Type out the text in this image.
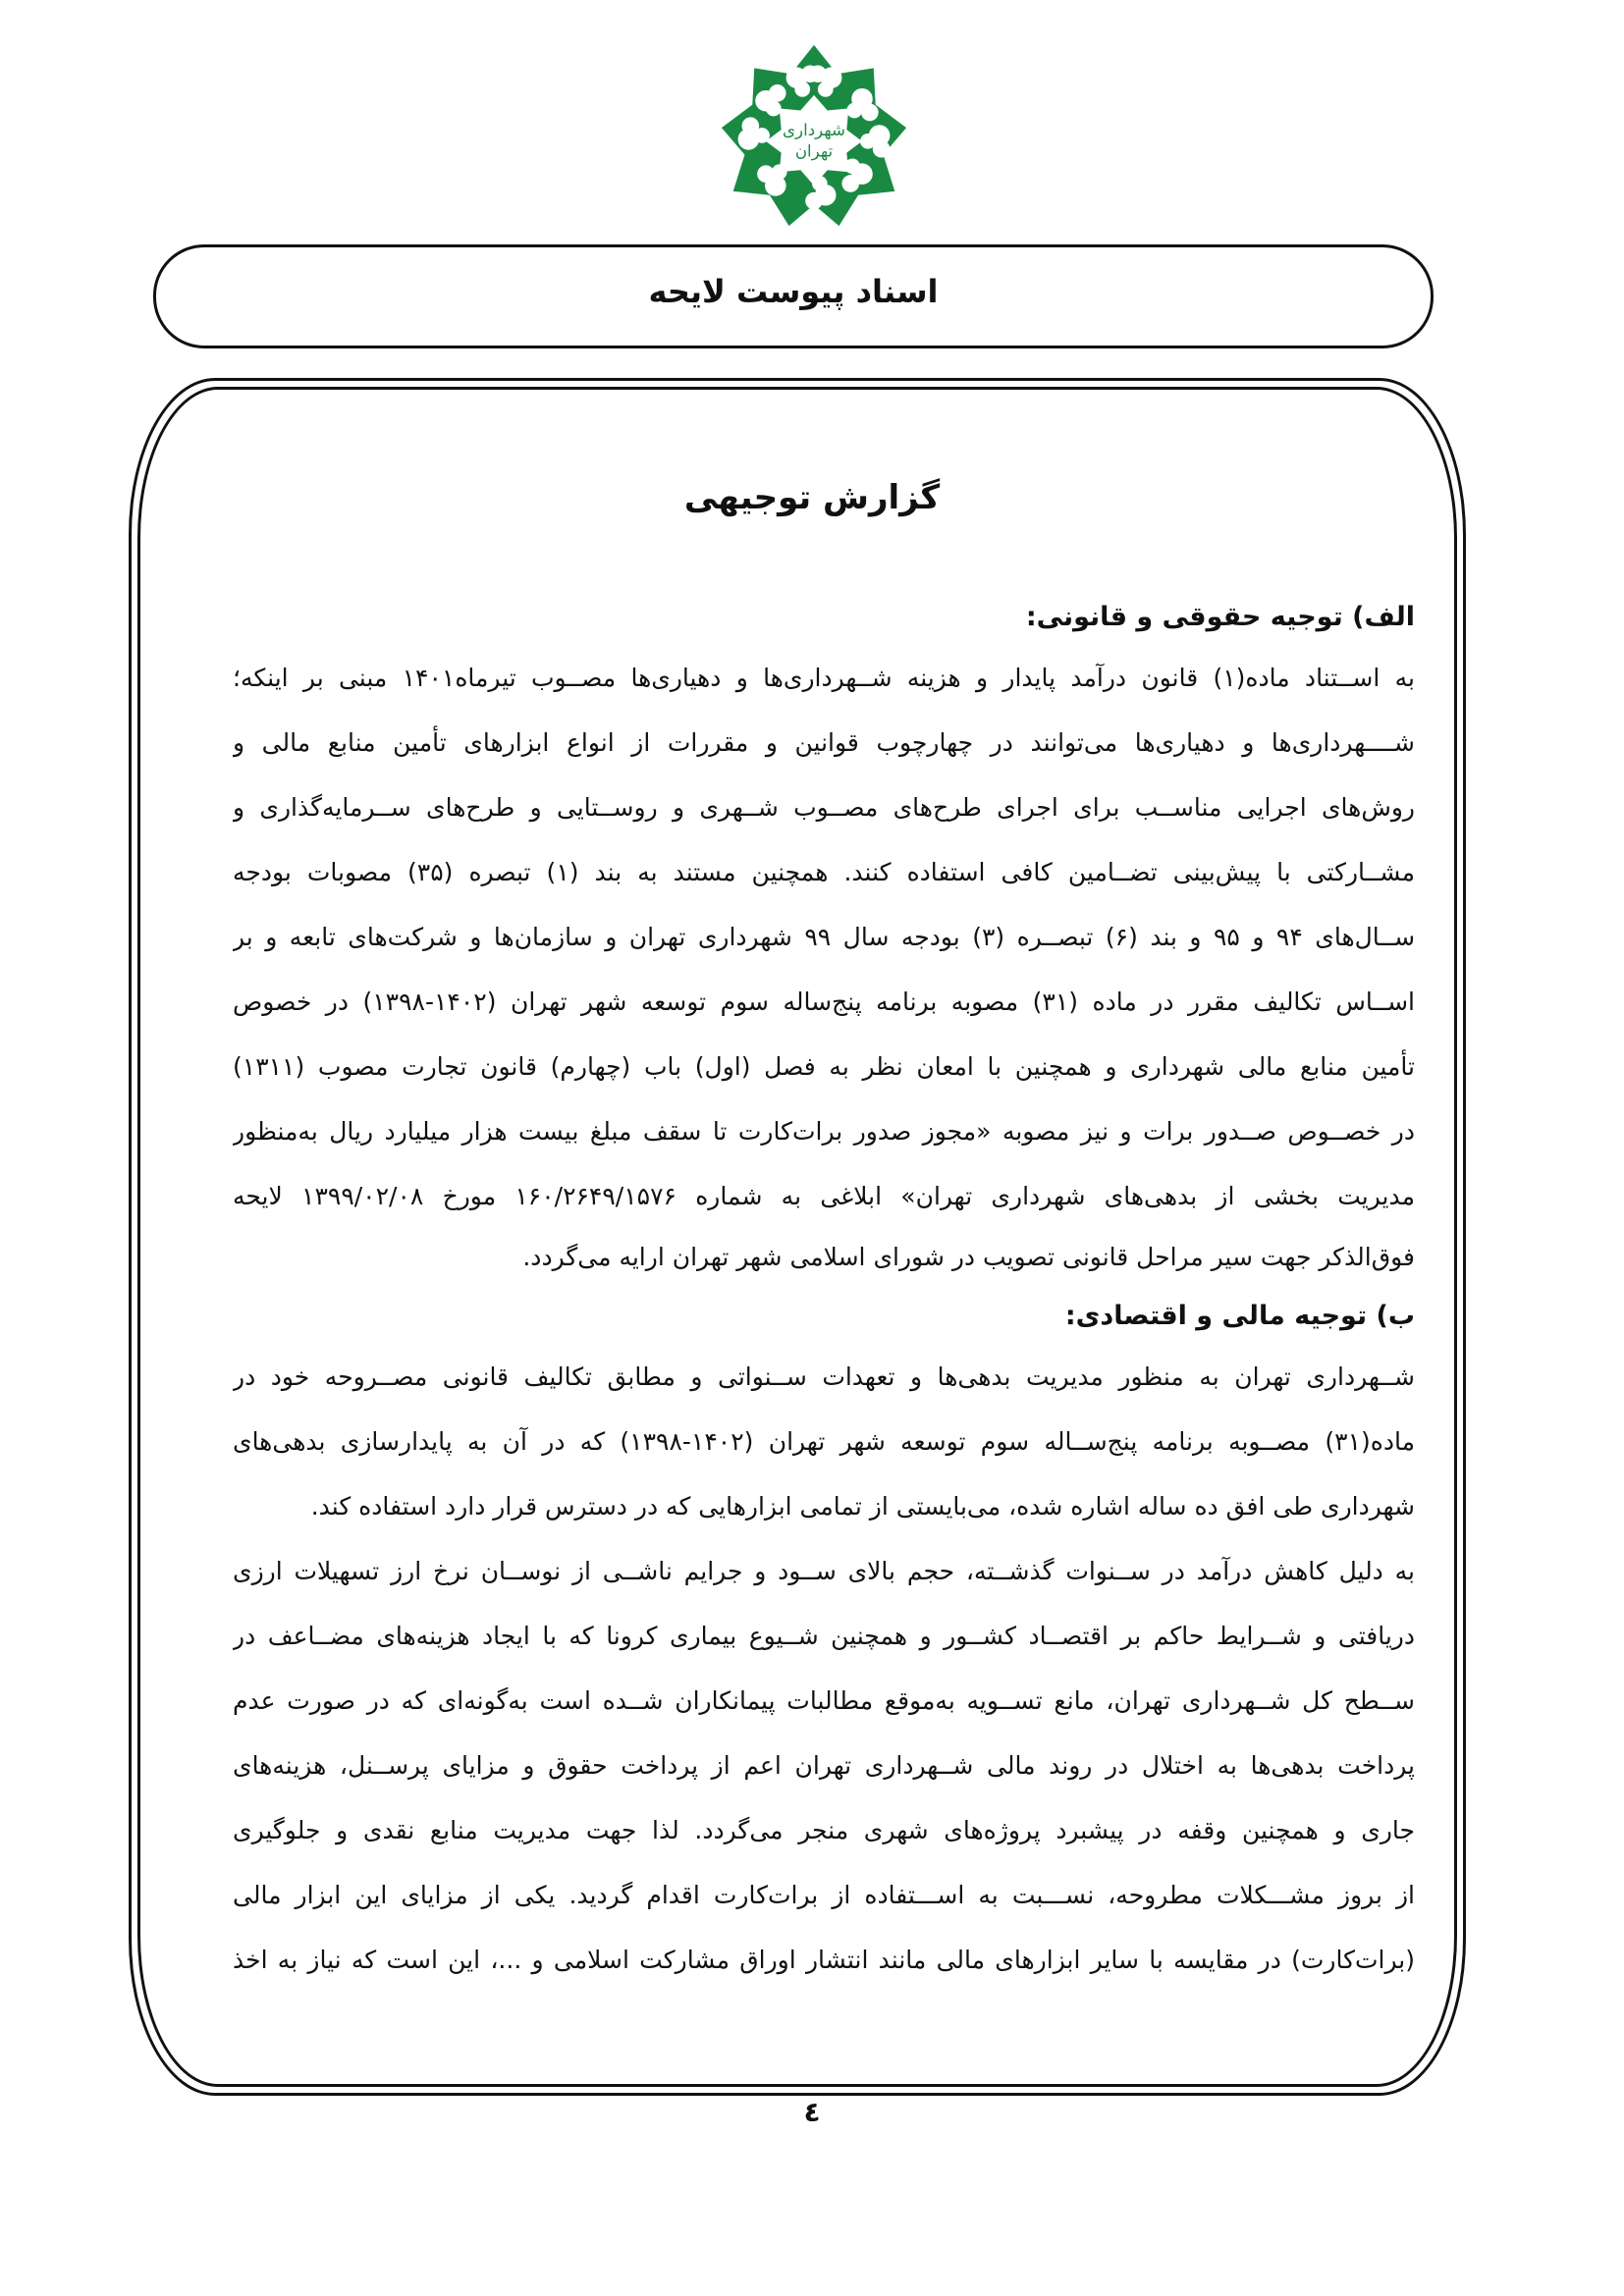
شهرداری
تهران
اسناد پیوست لایحه
گزارش توجیهی
الف) توجیه حقوقی و قانونی:
به اســتناد ماده(۱) قانون درآمد پایدار و هزینه شــهرداری‌ها و دهیاری‌ها مصــوب تیرماه۱۴۰۱ مبنی بر اینکه؛
شــــهرداری‌ها و دهیاری‌ها می‌توانند در چهارچوب قوانین و مقررات از انواع ابزارهای تأمین منابع مالی و
روش‌های اجرایی مناســب برای اجرای طرح‌های مصــوب شــهری و روســتایی و طرح‌های ســرمایه‌گذاری و
مشــارکتی با پیش‌بینی تضــامین کافی استفاده کنند. همچنین مستند به بند (۱) تبصره (۳۵) مصوبات بودجه
ســال‌های ۹۴ و ۹۵ و بند (۶) تبصــره (۳) بودجه سال ۹۹ شهرداری تهران و سازمان‌ها و شرکت‌های تابعه و بر
اســاس تکالیف مقرر در ماده (۳۱) مصوبه برنامه پنج‌ساله سوم توسعه شهر تهران (۱۴۰۲-۱۳۹۸) در خصوص
تأمین منابع مالی شهرداری و همچنین با امعان نظر به فصل (اول) باب (چهارم) قانون تجارت مصوب (۱۳۱۱)
در خصــوص صــدور برات و نیز مصوبه «مجوز صدور برات‌کارت تا سقف مبلغ بیست هزار میلیارد ریال به‌منظور
مدیریت بخشی از بدهی‌های شهرداری تهران» ابلاغی به شماره ۱۶۰/۲۶۴۹/۱۵۷۶ مورخ ۱۳۹۹/۰۲/۰۸ لایحه
فوق‌الذکر جهت سیر مراحل قانونی تصویب در شورای اسلامی شهر تهران ارایه می‌گردد.
ب) توجیه مالی و اقتصادی:
شــهرداری تهران به منظور مدیریت بدهی‌ها و تعهدات ســنواتی و مطابق تکالیف قانونی مصــروحه خود در
ماده(۳۱) مصــوبه برنامه پنج‌ســاله سوم توسعه شهر تهران (۱۴۰۲-۱۳۹۸) که در آن به پایدارسازی بدهی‌های
شهرداری طی افق ده ساله اشاره شده، می‌بایستی از تمامی ابزارهایی که در دسترس قرار دارد استفاده کند.
به دلیل کاهش درآمد در ســنوات گذشــته، حجم بالای ســود و جرایم ناشــی از نوســان نرخ ارز تسهیلات ارزی
دریافتی و شــرایط حاکم بر اقتصــاد کشــور و همچنین شــیوع بیماری کرونا که با ایجاد هزینه‌های مضــاعف در
ســطح کل شــهرداری تهران، مانع تســویه به‌موقع مطالبات پیمانکاران شــده است به‌گونه‌ای که در صورت عدم
پرداخت بدهی‌ها به اختلال در روند مالی شــهرداری تهران اعم از پرداخت حقوق و مزایای پرســنل، هزینه‌های
جاری و همچنین وقفه در پیشبرد پروژه‌های شهری منجر می‌گردد. لذا جهت مدیریت منابع نقدی و جلوگیری
از بروز مشـــکلات مطروحه، نســـبت به اســـتفاده از برات‌کارت اقدام گردید. یکی از مزایای این ابزار مالی
(برات‌کارت) در مقایسه با سایر ابزارهای مالی مانند انتشار اوراق مشارکت اسلامی و ...، این است که نیاز به اخذ
٤
